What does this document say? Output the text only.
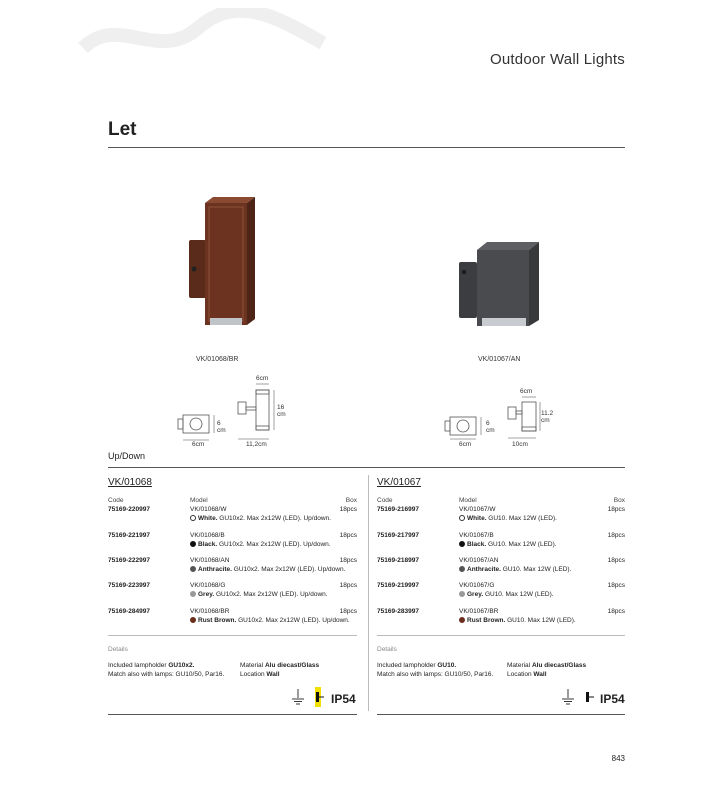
Outdoor Wall Lights
Let
VK/01068/BR	VK/01067/AN
6cm
16
cm
6
cm
6cm	11,2cm
6cm
11.2
cm
6
cm
6cm	10cm
Up/Down
VK/01068
Code	Model	Box
75169-220997	VK/01068/W	18pcs
White. GU10x2. Max 2x12W (LED). Up/down.
75169-221997	VK/01068/B	18pcs
Black. GU10x2. Max 2x12W (LED). Up/down.
75169-222997	VK/01068/AN	18pcs
Anthracite. GU10x2. Max 2x12W (LED). Up/down.
75169-223997	VK/01068/G	18pcs
Grey. GU10x2. Max 2x12W (LED). Up/down.
75169-284997	VK/01068/BR	18pcs
Rust Brown. GU10x2. Max 2x12W (LED). Up/down.
Details
Included lampholder GU10x2.
Match also with lamps: GU10/50, Par16.
Material Alu diecast/Glass
Location Wall
IP54
VK/01067
Code	Model	Box
75169-216997	VK/01067/W	18pcs
White. GU10. Max 12W (LED).
75169-217997	VK/01067/B	18pcs
Black. GU10. Max 12W (LED).
75169-218997	VK/01067/AN	18pcs
Anthracite. GU10. Max 12W (LED).
75169-219997	VK/01067/G	18pcs
Grey. GU10. Max 12W (LED).
75169-283997	VK/01067/BR	18pcs
Rust Brown. GU10. Max 12W (LED).
Details
Included lampholder GU10.
Match also with lamps: GU10/50, Par16.
Material Alu diecast/Glass
Location Wall
IP54
843
